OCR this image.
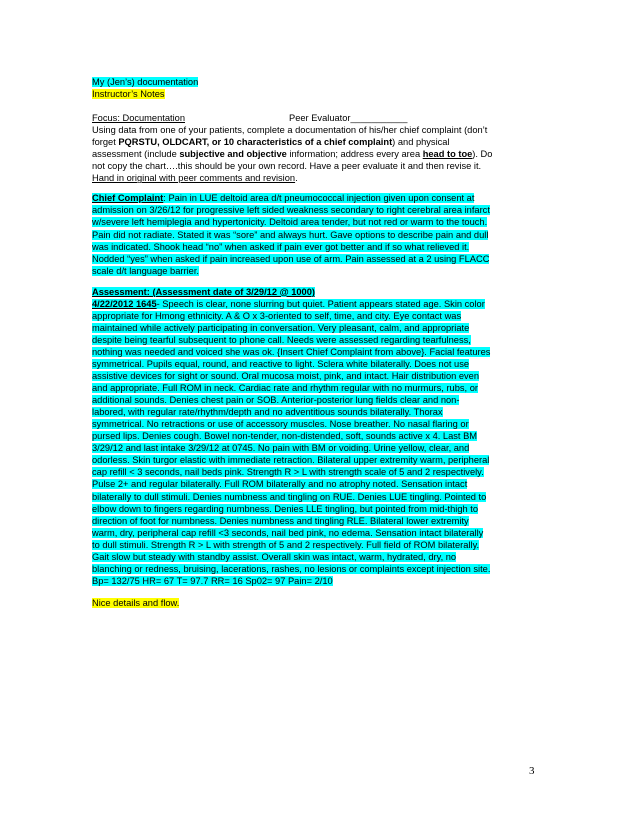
My (Jen’s) documentation
Instructor’s Notes
Focus: Documentation	Peer Evaluator___________
Using data from one of your patients, complete a documentation of his/her chief complaint (don’t
forget PQRSTU, OLDCART, or 10 characteristics of a chief complaint) and physical
assessment (include subjective and objective information; address every area head to toe). Do
not copy the chart….this should be your own record. Have a peer evaluate it and then revise it.
Hand in original with peer comments and revision.
Chief Complaint: Pain in LUE deltoid area d/t pneumococcal injection given upon consent at
admission on 3/26/12 for progressive left sided weakness secondary to right cerebral area infarct
w/severe left hemiplegia and hypertonicity. Deltoid area tender, but not red or warm to the touch.
Pain did not radiate. Stated it was “sore” and always hurt. Gave options to describe pain and dull
was indicated. Shook head “no” when asked if pain ever got better and if so what relieved it.
Nodded “yes” when asked if pain increased upon use of arm. Pain assessed at a 2 using FLACC
scale d/t language barrier.
Assessment: (Assessment date of 3/29/12 @ 1000)
4/22/2012 1645- Speech is clear, none slurring but quiet. Patient appears stated age. Skin color
appropriate for Hmong ethnicity. A & O x 3-oriented to self, time, and city. Eye contact was
maintained while actively participating in conversation. Very pleasant, calm, and appropriate
despite being tearful subsequent to phone call. Needs were assessed regarding tearfulness,
nothing was needed and voiced she was ok. {Insert Chief Complaint from above}. Facial features
symmetrical. Pupils equal, round, and reactive to light. Sclera white bilaterally. Does not use
assistive devices for sight or sound. Oral mucosa moist, pink, and intact. Hair distribution even
and appropriate. Full ROM in neck. Cardiac rate and rhythm regular with no murmurs, rubs, or
additional sounds. Denies chest pain or SOB. Anterior-posterior lung fields clear and non-
labored, with regular rate/rhythm/depth and no adventitious sounds bilaterally. Thorax
symmetrical. No retractions or use of accessory muscles. Nose breather. No nasal flaring or
pursed lips. Denies cough. Bowel non-tender, non-distended, soft, sounds active x 4. Last BM
3/29/12 and last intake 3/29/12 at 0745. No pain with BM or voiding. Urine yellow, clear, and
odorless. Skin turgor elastic with immediate retraction. Bilateral upper extremity warm, peripheral
cap refill < 3 seconds, nail beds pink. Strength R > L with strength scale of 5 and 2 respectively.
Pulse 2+ and regular bilaterally. Full ROM bilaterally and no atrophy noted. Sensation intact
bilaterally to dull stimuli. Denies numbness and tingling on RUE. Denies LUE tingling. Pointed to
elbow down to fingers regarding numbness. Denies LLE tingling, but pointed from mid-thigh to
direction of foot for numbness. Denies numbness and tingling RLE. Bilateral lower extremity
warm, dry, peripheral cap refill <3 seconds, nail bed pink, no edema. Sensation intact bilaterally
to dull stimuli. Strength R > L with strength of 5 and 2 respectively. Full field of ROM bilaterally.
Gait slow but steady with standby assist. Overall skin was intact, warm, hydrated, dry, no
blanching or redness, bruising, lacerations, rashes, no lesions or complaints except injection site.
Bp= 132/75 HR= 67 T= 97.7 RR= 16 Sp02= 97 Pain= 2/10
Nice details and flow.
3
